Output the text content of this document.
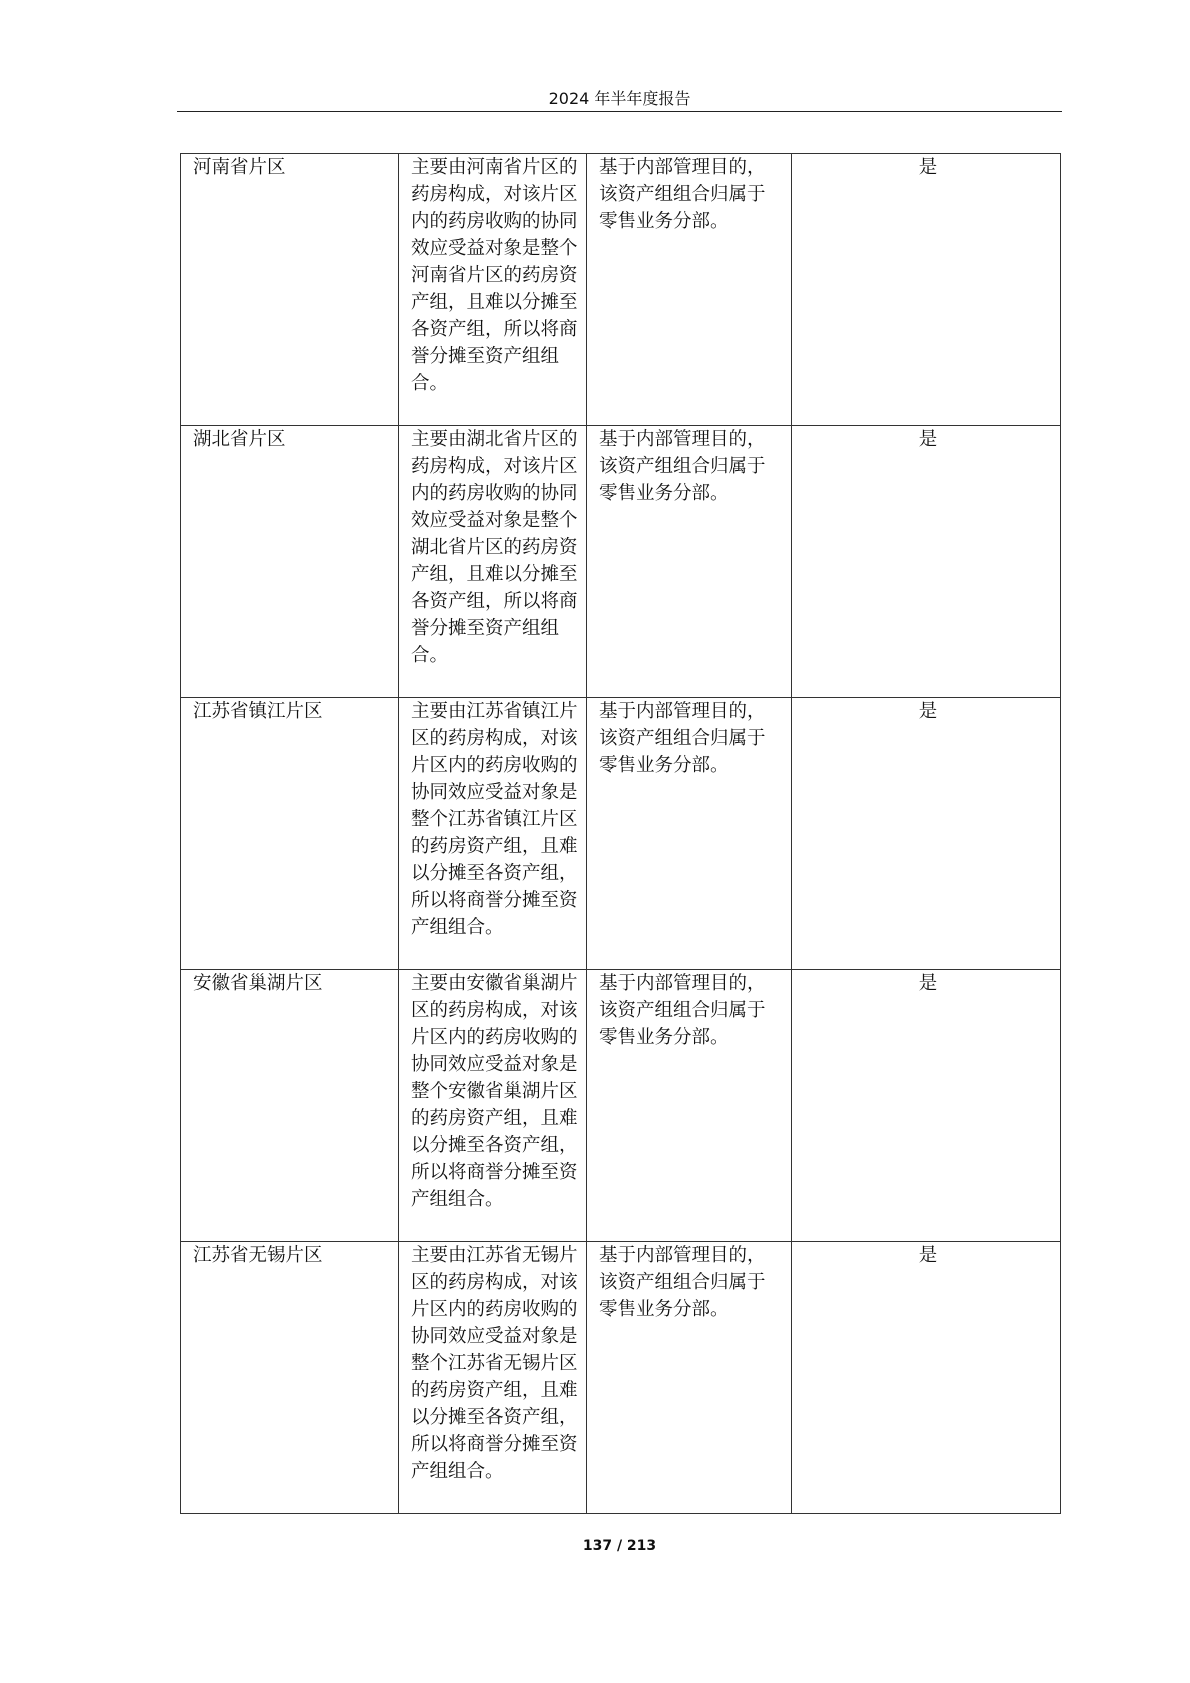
2024 年半年度报告
河南省片区	主要由河南省片区的药房构成，对该片区内的药房收购的协同效应受益对象是整个河南省片区的药房资产组，且难以分摊至各资产组，所以将商誉分摊至资产组组合。	基于内部管理目的，该资产组组合归属于零售业务分部。	是
湖北省片区	主要由湖北省片区的药房构成，对该片区内的药房收购的协同效应受益对象是整个湖北省片区的药房资产组，且难以分摊至各资产组，所以将商誉分摊至资产组组合。	基于内部管理目的，该资产组组合归属于零售业务分部。	是
江苏省镇江片区	主要由江苏省镇江片区的药房构成，对该片区内的药房收购的协同效应受益对象是整个江苏省镇江片区的药房资产组，且难以分摊至各资产组，所以将商誉分摊至资产组组合。	基于内部管理目的，该资产组组合归属于零售业务分部。	是
安徽省巢湖片区	主要由安徽省巢湖片区的药房构成，对该片区内的药房收购的协同效应受益对象是整个安徽省巢湖片区的药房资产组，且难以分摊至各资产组，所以将商誉分摊至资产组组合。	基于内部管理目的，该资产组组合归属于零售业务分部。	是
江苏省无锡片区	主要由江苏省无锡片区的药房构成，对该片区内的药房收购的协同效应受益对象是整个江苏省无锡片区的药房资产组，且难以分摊至各资产组，所以将商誉分摊至资产组组合。	基于内部管理目的，该资产组组合归属于零售业务分部。	是
137 / 213
